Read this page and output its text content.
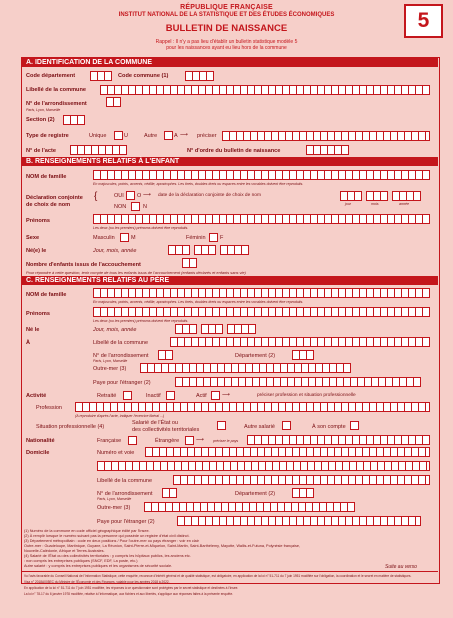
RÉPUBLIQUE FRANÇAISE
INSTITUT NATIONAL DE LA STATISTIQUE ET DES ÉTUDES ÉCONOMIQUES
BULLETIN DE NAISSANCE	5
Rappel : Il n'y a pas lieu d'établir un bulletin statistique modèle 5
pour les naissances ayant eu lieu hors de la commune
A. IDENTIFICATION DE LA COMMUNE
Code département	Code commune (1)
Libellé de la commune
N° de l'arrondissement
Paris, Lyon, Marseille
Section (2)
Type de registre	Unique	U	Autre	A ⟶ préciser
N° de l'acte	N° d'ordre du bulletin de naissance
B. RENSEIGNEMENTS RELATIFS À L'ENFANT
NOM de famille
En majuscules, points, accents, cédille, apostrophes. Les tirets, doubles tirets ou espaces entre les vocables doivent être reproduits.
Déclaration conjointe
de choix de nom
{	OUI O ⟶ date de la déclaration conjointe de choix de nom
jour	mois	année
NON	N
Prénoms
Les deux (ou les premiers) prénoms doivent être reproduits.
Sexe	Masculin	M	Féminin	F
Né(e) le	Jour, mois, année
Nombre d'enfants issus de l'accouchement
Pour répondre à cette question, tenir compte de tous les enfants issus de l'accouchement (enfants déclarés et enfants sans vie)
C. RENSEIGNEMENTS RELATIFS AU PÈRE
NOM de famille
En majuscules, points, accents, cédille, apostrophes. Les tirets, doubles tirets ou espaces entre les vocables doivent être reproduits.
Prénoms
Les deux (ou les premiers) prénoms doivent être reproduits.
Né le	Jour, mois, année
À	Libellé de la commune
N° de l'arrondissement
Paris, Lyon, Marseille
Département (2)
Outre-mer (3)
Paye pour l'étranger (2)
Activité	Retraité	Inactif	Actif	⟶	préciser profession et situation professionnelle
Profession
(A reproduire d'après l'acte, indiquer l'exercice libéral ...)
Situation professionnelle (4)
Salarié de l'État ou
des collectivités territoriales	Autre salarié	À son compte
Nationalité	Française	Étrangère	⟶	préciser le pays
Domicile	Numéro et voie
Libellé de la commune
N° de l'arrondissement
Paris, Lyon, Marseille
Département (2)
Outre-mer (3)
Paye pour l'étranger (2)
(1) Numéro de la commune en code officiel géographique édité par l'Insee.
(2) À remplir lorsque le numéro suivant pas la personne qui possède un registre d'état civil distinct.
(3) Département métropolitain : code en deux positions / Pour l'outre-mer ou pays étranger : voir en clair
Outre-mer : Guadeloupe, Martinique, Guyane, La Réunion, Saint-Pierre-et-Miquelon, Saint-Martin, Saint-Barthélemy, Mayotte, Wallis-et-Futuna, Polynésie française,
Nouvelle-Calédonie, Afrique et Terres Australes.
(4) Salarié de l'État ou des collectivités territoriales : y compris les hôpitaux publics, les anciens etc.
: non compris les entreprises publiques (SNCF, EDF, La poste, etc.)
Autre salarié : y compris les entreprises publiques et les organismes de sécurité sociale.	Suite au verso
Vu l'avis favorable du Conseil National de l'Information Statistique, cette enquête, reconnue d'intérêt général et de qualité statistique, est obligatoire, en application de la loi n° 51-711 du 7 juin 1951 modifiée sur l'obligation, la coordination et le secret en matière de statistiques.
Visa n° 2018A005EC du Ministre de l'Économie et des Finances, valable pour les années 2018 à 2022.
En application de la loi n° 51-711 du 7 juin 1951 modifiée, les réponses à ce questionnaire sont protégées par le secret statistique et destinées à l'Insee.
La loi n° 78-17 du 6 janvier 1978 modifiée, relative à l'informatique, aux fichiers et aux libertés, s'applique aux réponses faites à la présente enquête.
